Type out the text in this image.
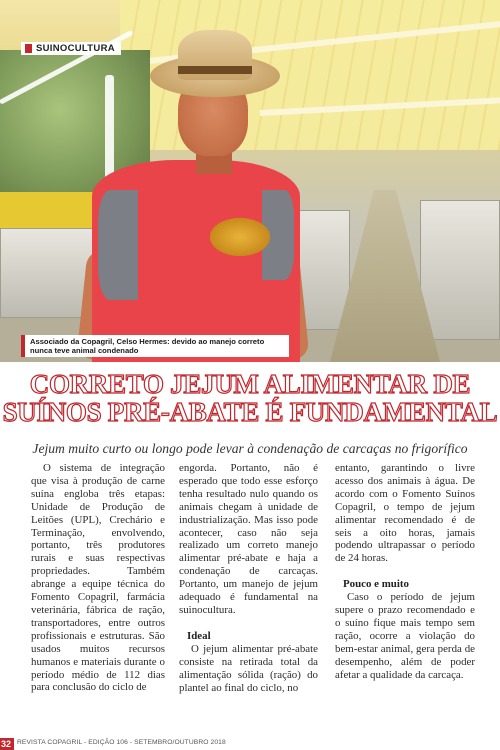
SUINOCULTURA
Associado da Copagril, Celso Hermes: devido ao manejo correto
nunca teve animal condenado
CORRETO JEJUM ALIMENTAR DE
SUÍNOS PRÉ-ABATE É FUNDAMENTAL
Jejum muito curto ou longo pode levar à condenação de carcaças no frigorífico

O sistema de integração que visa à produção de carne suína engloba três etapas: Unidade de Produção de Leitões (UPL), Crechário e Terminação, envolvendo, portanto, três produtores rurais e suas respectivas propriedades. Também abrange a equipe técnica do Fomento Copagril, farmácia veterinária, fábrica de ração, transportadores, entre outros profissionais e estruturas. São usados muitos recursos humanos e materiais durante o período médio de 112 dias para conclusão do ciclo de

engorda. Portanto, não é esperado que todo esse esforço tenha resultado nulo quando os animais chegam à unidade de industrialização. Mas isso pode acontecer, caso não seja realizado um correto manejo alimentar pré-abate e haja a condenação de carcaças. Portanto, um manejo de jejum adequado é fundamental na suinocultura.

Ideal

O jejum alimentar pré-abate consiste na retirada total da alimentação sólida (ração) do plantel ao final do ciclo, no

entanto, garantindo o livre acesso dos animais à água. De acordo com o Fomento Suínos Copagril, o tempo de jejum alimentar recomendado é de seis a oito horas, jamais podendo ultrapassar o período de 24 horas.

Pouco e muito

Caso o período de jejum supere o prazo recomendado e o suíno fique mais tempo sem ração, ocorre a violação do bem-estar animal, gera perda de desempenho, além de poder afetar a qualidade da carcaça.

32 REVISTA COPAGRIL - EDIÇÃO 106 - SETEMBRO/OUTUBRO 2018
